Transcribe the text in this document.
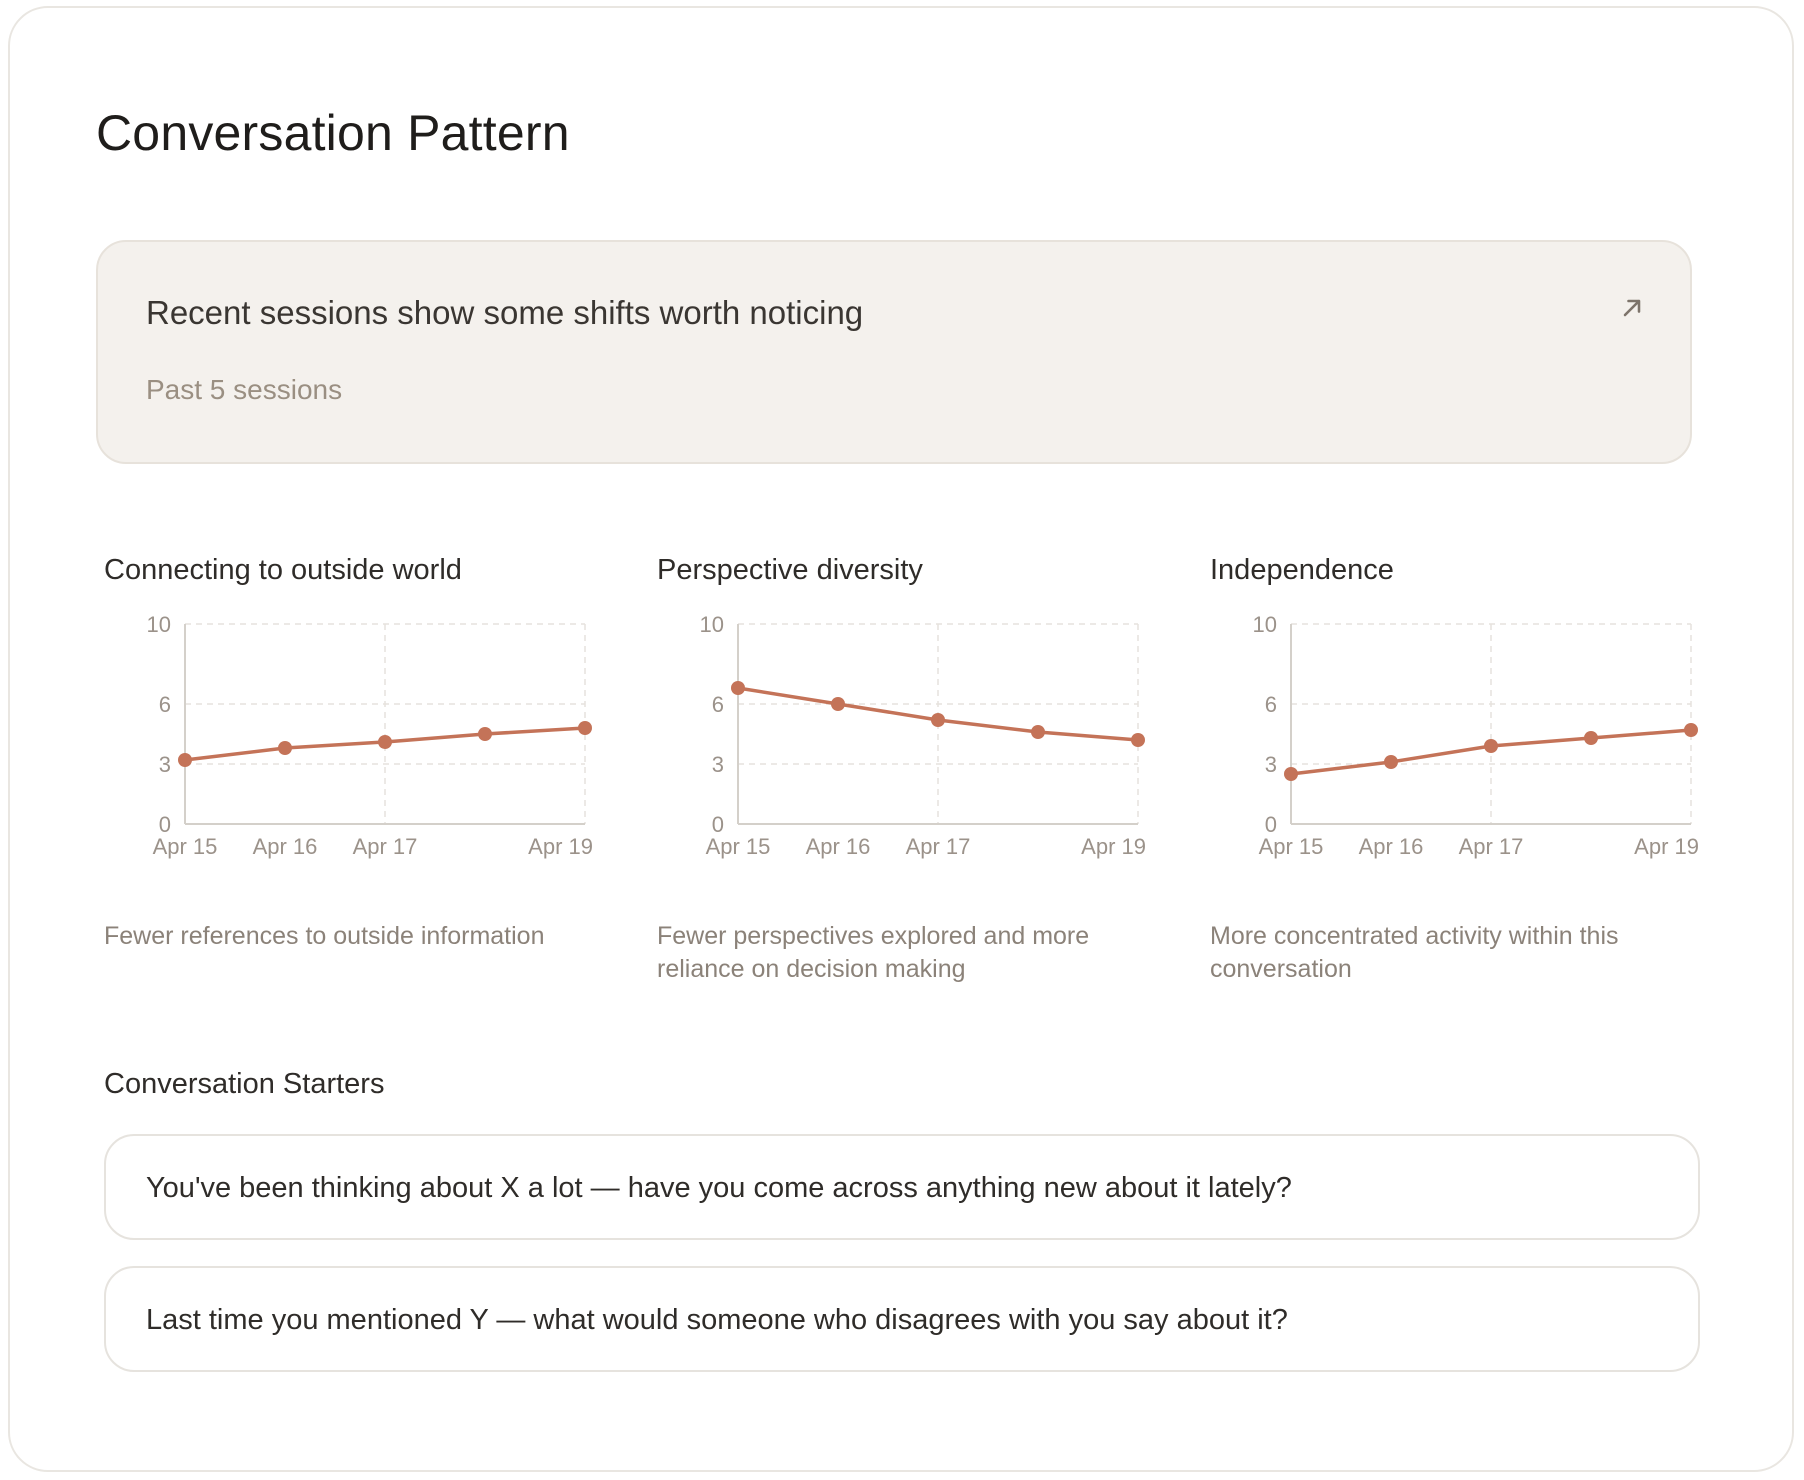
Conversation Pattern
Recent sessions show some shifts worth noticing
Past 5 sessions
Connecting to outside world
0
3
6
10
Apr 15 Apr 16 Apr 17	Apr 19
Fewer references to outside information
Perspective diversity
0
3
6
10
Apr 15 Apr 16 Apr 17	Apr 19
Fewer perspectives explored and more reliance on decision making
Independence
0
3
6
10
Apr 15 Apr 16 Apr 17	Apr 19
More concentrated activity within this conversation
Conversation Starters
You've been thinking about X a lot — have you come across anything new about it lately?
Last time you mentioned Y — what would someone who disagrees with you say about it?
